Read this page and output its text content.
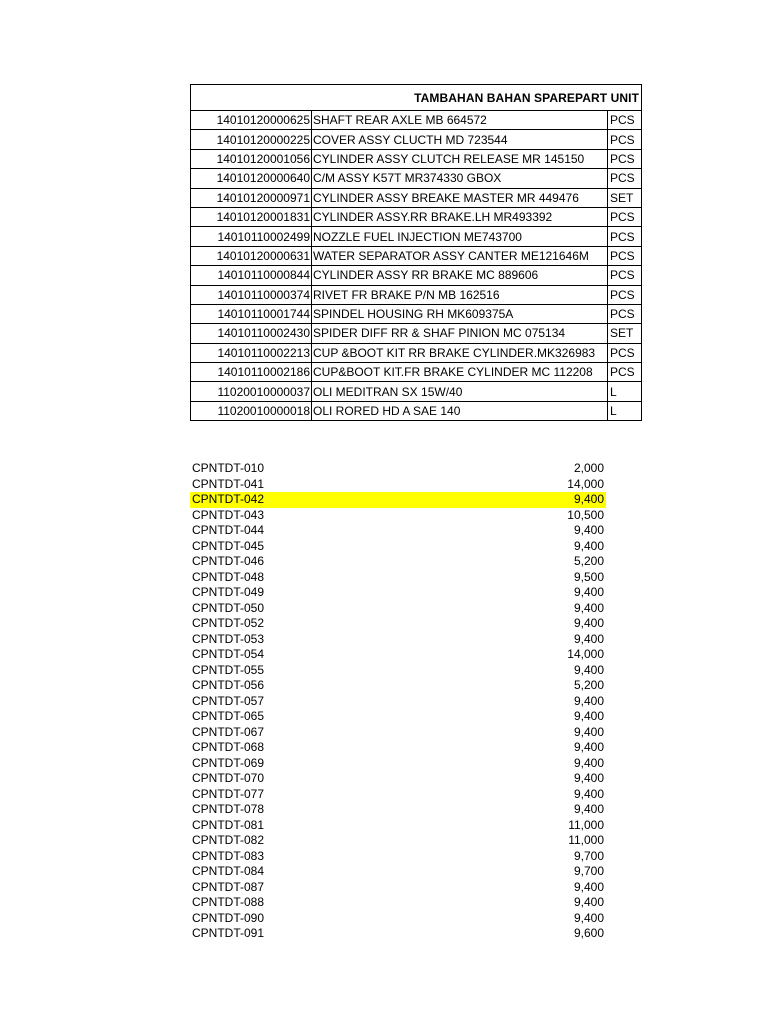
TAMBAHAN BAHAN SPAREPART UNIT		
14010120000625	SHAFT REAR AXLE MB 664572	PCS
14010120000225	COVER ASSY CLUCTH MD 723544	PCS
14010120001056	CYLINDER ASSY CLUTCH RELEASE MR 145150	PCS
14010120000640	C/M ASSY K57T MR374330 GBOX	PCS
14010120000971	CYLINDER ASSY BREAKE MASTER MR 449476	SET
14010120001831	CYLINDER ASSY.RR BRAKE.LH MR493392	PCS
14010110002499	NOZZLE FUEL INJECTION ME743700	PCS
14010120000631	WATER SEPARATOR ASSY CANTER ME121646M	PCS
14010110000844	CYLINDER ASSY RR BRAKE MC 889606	PCS
14010110000374	RIVET FR BRAKE P/N MB 162516	PCS
14010110001744	SPINDEL HOUSING RH MK609375A	PCS
14010110002430	SPIDER DIFF RR & SHAF PINION MC 075134	SET
14010110002213	CUP &BOOT KIT RR BRAKE CYLINDER.MK326983	PCS
14010110002186	CUP&BOOT KIT.FR BRAKE CYLINDER MC 112208	PCS
11020010000037	OLI MEDITRAN SX 15W/40	L
11020010000018	OLI RORED HD A SAE 140	L
CPNTDT-010	2,000
CPNTDT-041	14,000
CPNTDT-042	9,400
CPNTDT-043	10,500
CPNTDT-044	9,400
CPNTDT-045	9,400
CPNTDT-046	5,200
CPNTDT-048	9,500
CPNTDT-049	9,400
CPNTDT-050	9,400
CPNTDT-052	9,400
CPNTDT-053	9,400
CPNTDT-054	14,000
CPNTDT-055	9,400
CPNTDT-056	5,200
CPNTDT-057	9,400
CPNTDT-065	9,400
CPNTDT-067	9,400
CPNTDT-068	9,400
CPNTDT-069	9,400
CPNTDT-070	9,400
CPNTDT-077	9,400
CPNTDT-078	9,400
CPNTDT-081	11,000
CPNTDT-082	11,000
CPNTDT-083	9,700
CPNTDT-084	9,700
CPNTDT-087	9,400
CPNTDT-088	9,400
CPNTDT-090	9,400
CPNTDT-091	9,600
